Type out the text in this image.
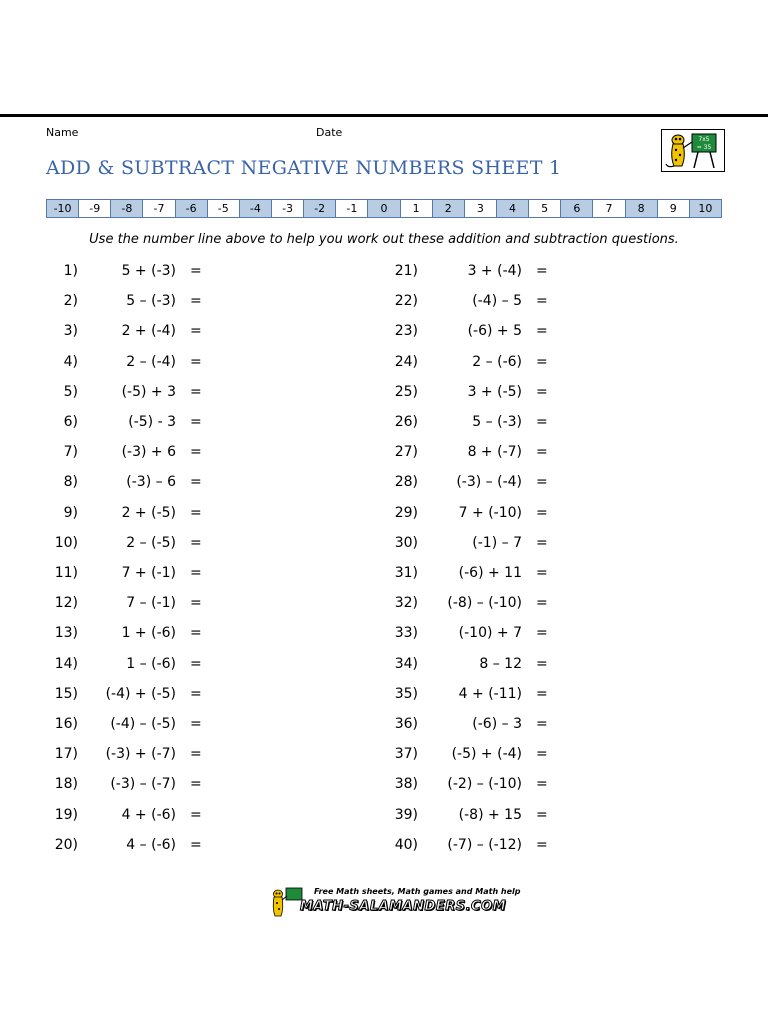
Name	Date
ADD & SUBTRACT NEGATIVE NUMBERS SHEET 1
7x5
= 35
-10	-9	-8	-7	-6	-5	-4	-3	-2	-1	0	1	2	3	4	5	6	7	8	9	10
Use the number line above to help you work out these addition and subtraction questions.
1)	5 + (-3) =
2)	5 – (-3) =
3)	2 + (-4) =
4)	2 – (-4) =
5)	(-5) + 3 =
6)	(-5) - 3 =
7)	(-3) + 6 =
8)	(-3) – 6 =
9)	2 + (-5) =
10)	2 – (-5) =
11)	7 + (-1) =
12)	7 – (-1) =
13)	1 + (-6) =
14)	1 – (-6) =
15) (-4) + (-5) =
16) (-4) – (-5) =
17) (-3) + (-7) =
18) (-3) – (-7) =
19)	4 + (-6) =
20)	4 – (-6) =
21)	3 + (-4) =
22)	(-4) – 5 =
23)	(-6) + 5 =
24)	2 – (-6) =
25)	3 + (-5) =
26)	5 – (-3) =
27)	8 + (-7) =
28)	(-3) – (-4) =
29)	7 + (-10) =
30)	(-1) – 7 =
31)	(-6) + 11 =
32) (-8) – (-10) =
33)	(-10) + 7 =
34)	8 – 12 =
35)	4 + (-11) =
36)	(-6) – 3 =
37) (-5) + (-4) =
38) (-2) – (-10) =
39)	(-8) + 15 =
40) (-7) – (-12) =
Free Math sheets, Math games and Math help
MATH-SALAMANDERS.COM
